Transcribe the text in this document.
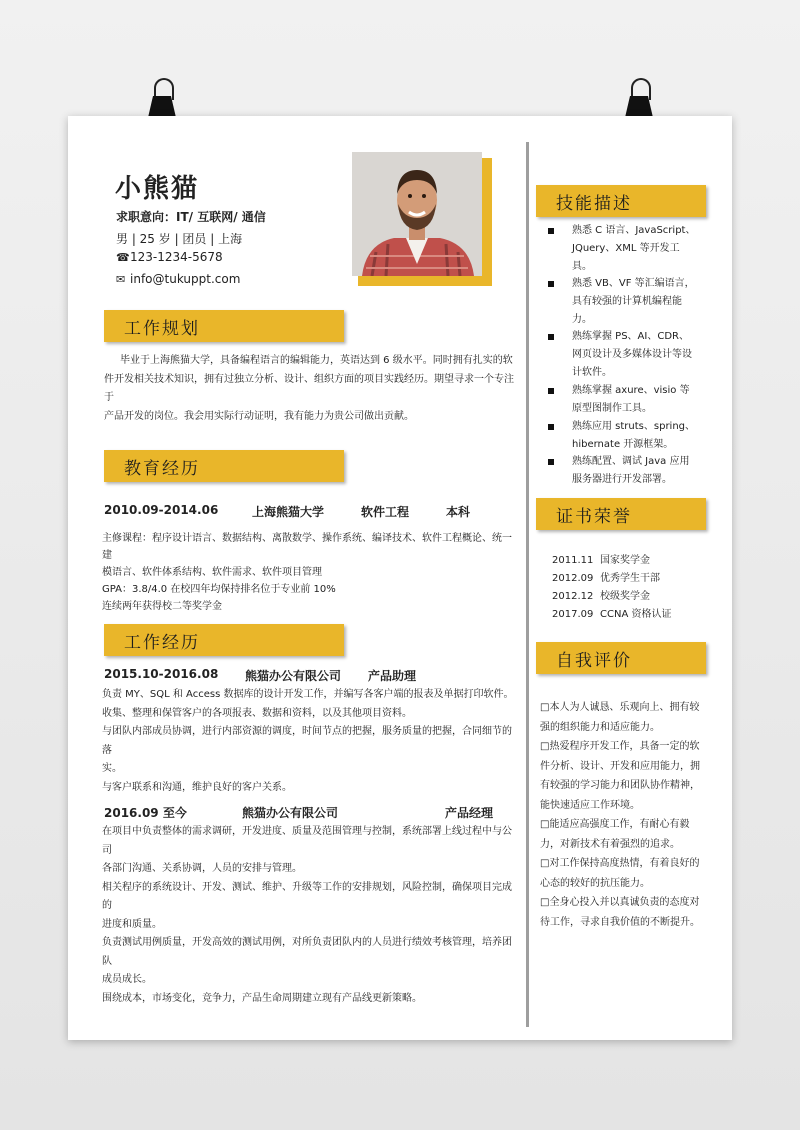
小熊猫
求职意向：IT/ 互联网/ 通信
男 | 25 岁 | 团员 | 上海
☎123-1234-5678
✉ info@tukuppt.com
工作规划
毕业于上海熊猫大学，具备编程语言的编辑能力，英语达到 6 级水平。同时拥有扎实的软
件开发相关技术知识，拥有过独立分析、设计、组织方面的项目实践经历。期望寻求一个专注于
产品开发的岗位。我会用实际行动证明，我有能力为贵公司做出贡献。
教育经历
2010.09-2014.06	上海熊猫大学	软件工程	本科
主修课程：程序设计语言、数据结构、离散数学、操作系统、编译技术、软件工程概论、统一建
模语言、软件体系结构、软件需求、软件项目管理
GPA：3.8/4.0 在校四年均保持排名位于专业前 10%
连续两年获得校二等奖学金
工作经历
2015.10-2016.08 熊猫办公有限公司 产品助理
负责 MY、SQL 和 Access 数据库的设计开发工作，并编写各客户端的报表及单据打印软件。
收集、整理和保管客户的各项报表、数据和资料，以及其他项目资料。
与团队内部成员协调，进行内部资源的调度，时间节点的把握，服务质量的把握，合同细节的落
实。
与客户联系和沟通，维护良好的客户关系。
2016.09 至今	熊猫办公有限公司	产品经理
在项目中负责整体的需求调研，开发进度、质量及范围管理与控制，系统部署上线过程中与公司
各部门沟通、关系协调，人员的安排与管理。
相关程序的系统设计、开发、测试、维护、升级等工作的安排规划，风险控制，确保项目完成的
进度和质量。
负责测试用例质量，开发高效的测试用例，对所负责团队内的人员进行绩效考核管理，培养团队
成员成长。
围绕成本，市场变化，竞争力，产品生命周期建立现有产品线更新策略。
技能描述
熟悉 C 语言、JavaScript、
JQuery、XML 等开发工
具。
熟悉 VB、VF 等汇编语言，
具有较强的计算机编程能
力。
熟练掌握 PS、AI、CDR、
网页设计及多媒体设计等设
计软件。
熟练掌握 axure、visio 等
原型图制作工具。
熟练应用 struts、spring、
hibernate 开源框架。
熟练配置、调试 Java 应用
服务器进行开发部署。
证书荣誉
2011.11 国家奖学金
2012.09 优秀学生干部
2012.12 校级奖学金
2017.09 CCNA 资格认证
自我评价
□本人为人诚恳、乐观向上、拥有较
强的组织能力和适应能力。
□热爱程序开发工作，具备一定的软
件分析、设计、开发和应用能力，拥
有较强的学习能力和团队协作精神，
能快速适应工作环境。
□能适应高强度工作，有耐心有毅
力，对新技术有着强烈的追求。
□对工作保持高度热情，有着良好的
心态的较好的抗压能力。
□全身心投入并以真诚负责的态度对
待工作，寻求自我价值的不断提升。
